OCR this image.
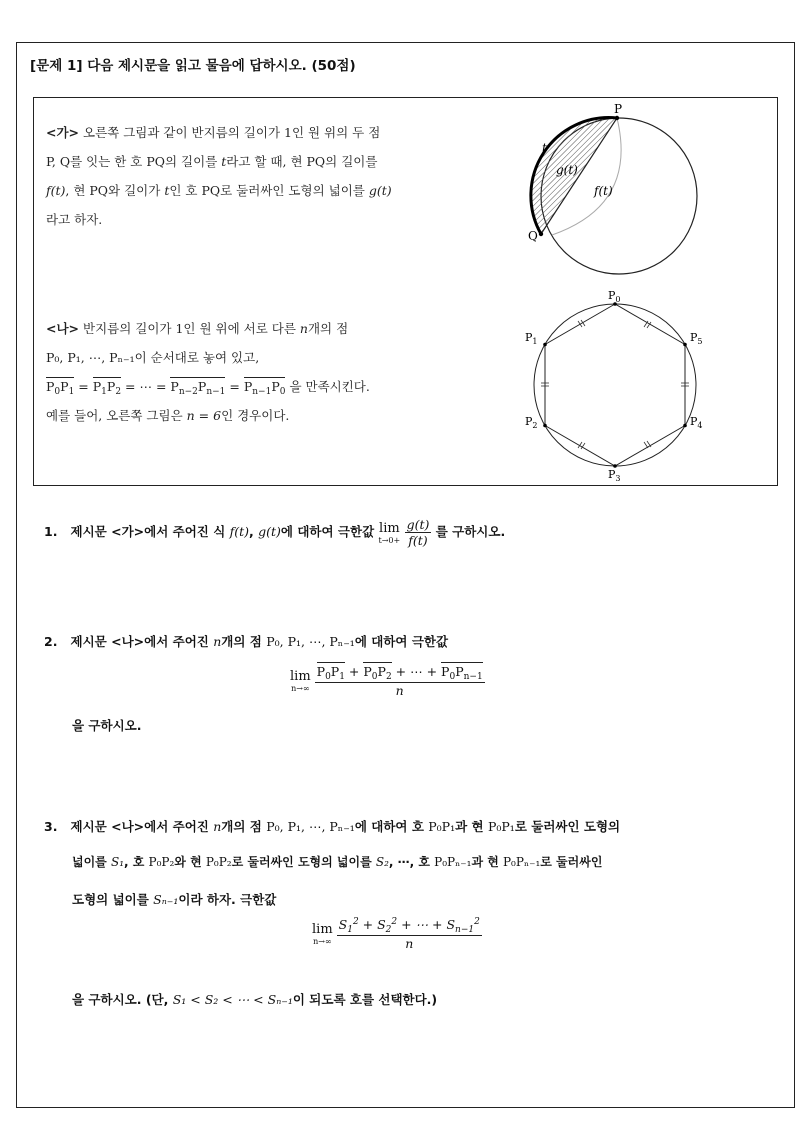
[문제 1] 다음 제시문을 읽고 물음에 답하시오. (50점)
<가> 오른쪽 그림과 같이 반지름의 길이가 1인 원 위의 두 점
P, Q를 잇는 한 호 PQ의 길이를 t라고 할 때, 현 PQ의 길이를
f(t), 현 PQ와 길이가 t인 호 PQ로 둘러싸인 도형의 넓이를 g(t)
라고 하자.
P
Q
t
g(t)
f(t)
<나> 반지름의 길이가 1인 원 위에 서로 다른 n개의 점
P₀, P₁, ⋯, Pₙ₋₁이 순서대로 놓여 있고,
$P_0P_1 = P_1P_2$ = ⋯ = $P_{n-2}P_{n-1} = P_{n-1}P_0$ 을 만족시킨다.
예를 들어, 오른쪽 그림은 n = 6인 경우이다.
$P_0$
$P_1$
$P_2$
$P_3$
$P_4$
$P_5$
1. 제시문 <가>에서 주어진 식 f(t), g(t)에 대하여 극한값 lim
t→0+
$\frac{g(t)}{f(t)}$ 를 구하시오.
2. 제시문 <나>에서 주어진 n개의 점 P₀, P₁, ⋯, Pₙ₋₁에 대하여 극한값
lim
n→∞
$\frac{P_0P_1 + P_0P_2 + \cdots + P_0P_{n-1}}{n}$
을 구하시오.
3. 제시문 <나>에서 주어진 n개의 점 P₀, P₁, ⋯, Pₙ₋₁에 대하여 호 P₀P₁과 현 P₀P₁로 둘러싸인 도형의
넓이를 S₁, 호 P₀P₂와 현 P₀P₂로 둘러싸인 도형의 넓이를 S₂, ⋯, 호 P₀Pₙ₋₁과 현 P₀Pₙ₋₁로 둘러싸인
도형의 넓이를 Sₙ₋₁이라 하자. 극한값
lim
n→∞
$\frac{S_1^2 + S_2^2 + \cdots + S_{n-1}^2}{n}$
을 구하시오. (단, S₁ < S₂ < ⋯ < Sₙ₋₁이 되도록 호를 선택한다.)
